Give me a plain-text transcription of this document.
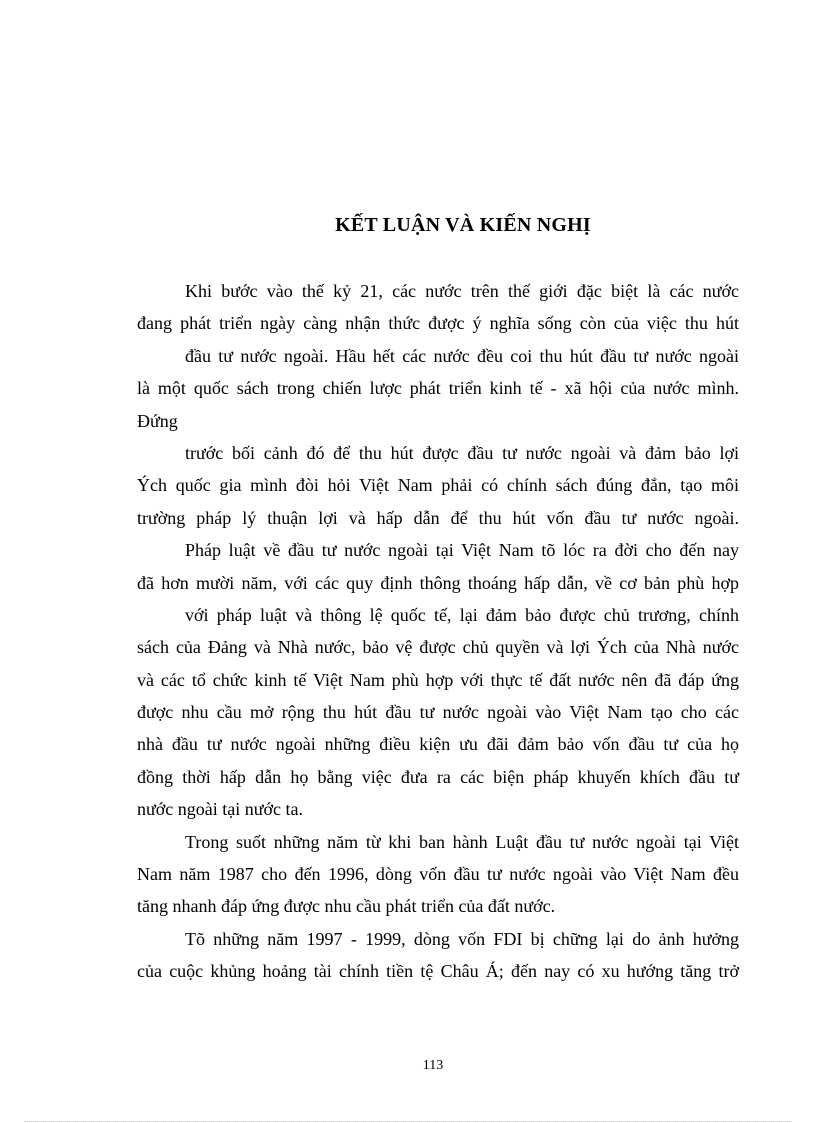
KẾT LUẬN VÀ KIẾN NGHỊ
Khi bước vào thế kỷ 21, các nước trên thế giới đặc biệt là các nước
đang phát triển ngày càng nhận thức được ý nghĩa sống còn của việc thu hút
đầu tư nước ngoài. Hầu hết các nước đều coi thu hút đầu tư nước ngoài
là một quốc sách trong chiến lược phát triển kinh tế - xã hội của nước mình.
Đứng
trước bối cảnh đó để thu hút được đầu tư nước ngoài và đảm bảo lợi
Ých quốc gia mình đòi hỏi Việt Nam phải có chính sách đúng đắn, tạo môi
trường pháp lý thuận lợi và hấp dẫn để thu hút vốn đầu tư nước ngoài.
Pháp luật về đầu tư nước ngoài tại Việt Nam tõ lóc ra đời cho đến nay
đã hơn mười năm, với các quy định thông thoáng hấp dẫn, về cơ bản phù hợp
với pháp luật và thông lệ quốc tế, lại đảm bảo được chủ trương, chính
sách của Đảng và Nhà nước, bảo vệ được chủ quyền và lợi Ých của Nhà nước
và các tổ chức kinh tế Việt Nam phù hợp với thực tế đất nước nên đã đáp ứng
được nhu cầu mở rộng thu hút đầu tư nước ngoài vào Việt Nam tạo cho các
nhà đầu tư nước ngoài những điều kiện ưu đãi đảm bảo vốn đầu tư của họ
đồng thời hấp dẫn họ bằng việc đưa ra các biện pháp khuyến khích đầu tư
nước ngoài tại nước ta.
Trong suốt những năm từ khi ban hành Luật đầu tư nước ngoài tại Việt
Nam năm 1987 cho đến 1996, dòng vốn đầu tư nước ngoài vào Việt Nam đều
tăng nhanh đáp ứng được nhu cầu phát triển của đất nước.
Tõ những năm 1997 - 1999, dòng vốn FDI bị chững lại do ảnh hưởng
của cuộc khủng hoảng tài chính tiền tệ Châu Á; đến nay có xu hướng tăng trở
113
